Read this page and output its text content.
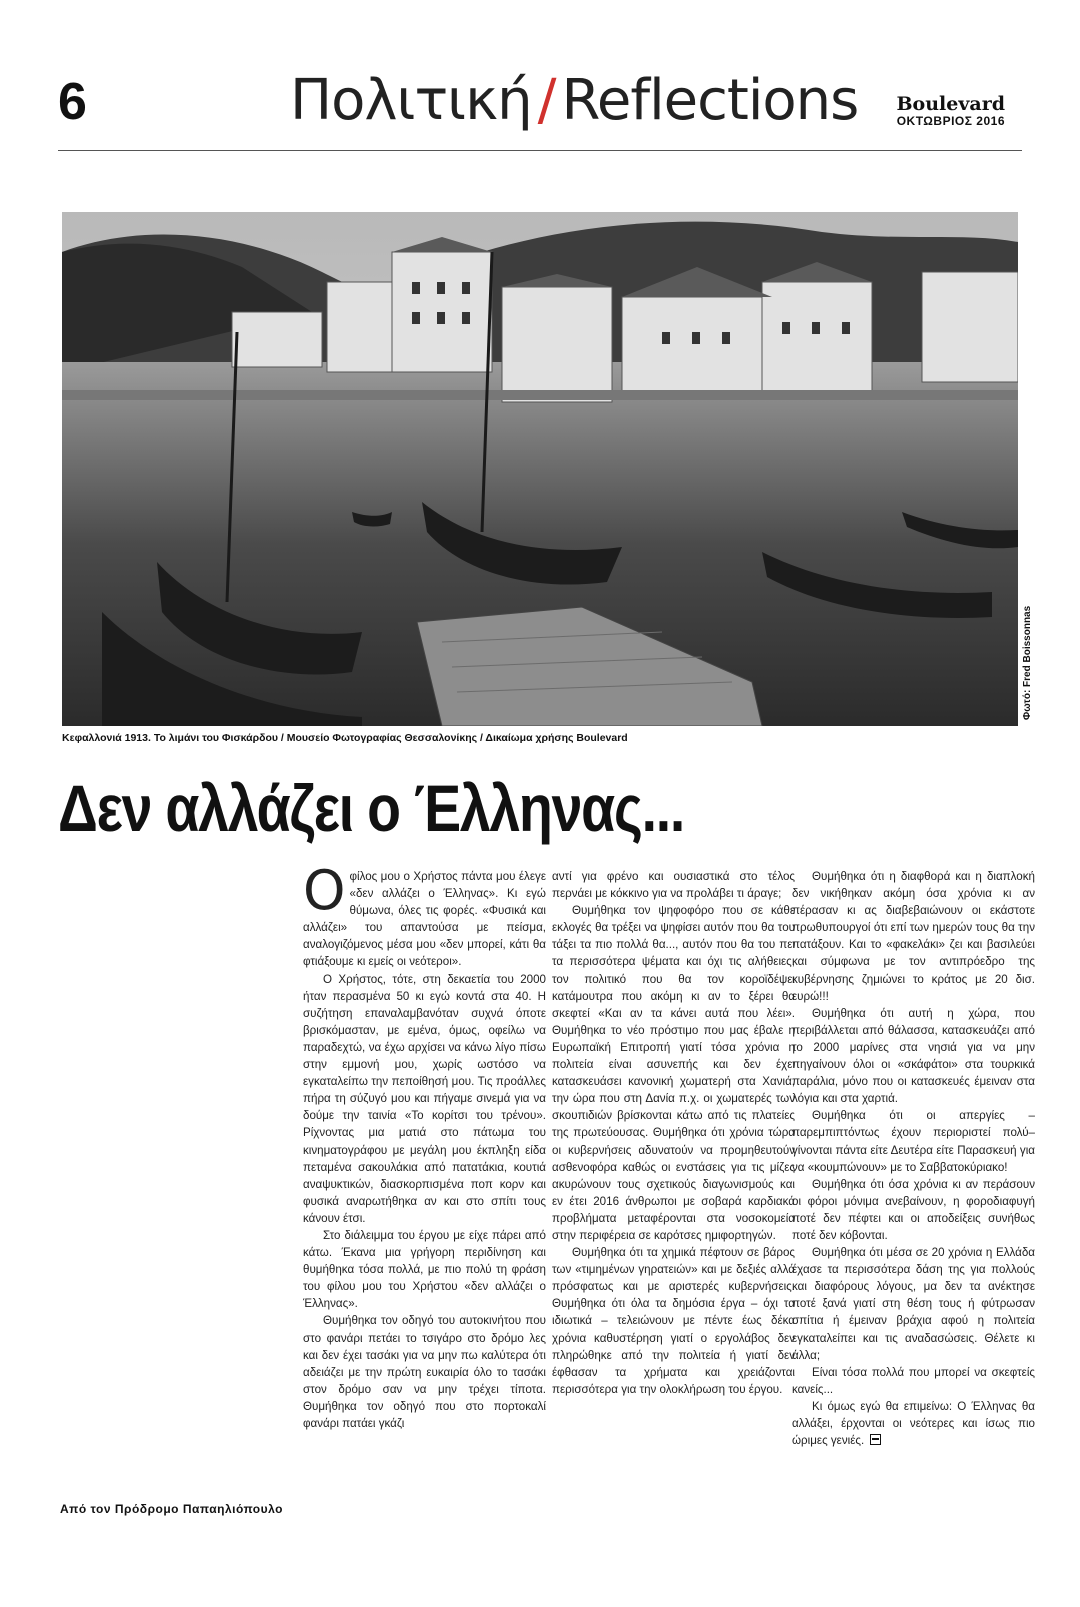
6	Πολιτική / Reflections Boulevard
ΟΚΤΩΒΡΙΟΣ 2016
Φωτό: Fred Boissonnas
Κεφαλλονιά 1913. Το λιμάνι του Φισκάρδου / Μουσείο Φωτογραφίας Θεσσαλονίκης / Δικαίωμα χρήσης Boulevard
Δεν αλλάζει ο Έλληνας...

Οφίλος μου ο Χρήστος πάντα μου έλεγε «δεν αλλάζει ο Έλληνας». Κι εγώ θύμωνα, όλες τις φορές. «Φυσικά και αλλάζει» του απαντούσα με πείσμα, αναλογιζόμενος μέσα μου «δεν μπορεί, κάτι θα φτιάξουμε κι εμείς οι νεότεροι».

Ο Χρήστος, τότε, στη δεκαετία του 2000 ήταν περασμένα 50 κι εγώ κοντά στα 40. Η συζήτηση επαναλαμβανόταν συχνά όποτε βρισκόμασταν, με εμένα, όμως, οφείλω να παραδεχτώ, να έχω αρχίσει να κάνω λίγο πίσω στην εμμονή μου, χωρίς ωστόσο να εγκαταλείπω την πεποίθησή μου. Τις προάλλες πήρα τη σύζυγό μου και πήγαμε σινεμά για να δούμε την ταινία «Το κορίτσι του τρένου». Ρίχνοντας μια ματιά στο πάτωμα του κινηματογράφου με μεγάλη μου έκπληξη είδα πεταμένα σακουλάκια από πατατάκια, κουτιά αναψυκτικών, διασκορπισμένα ποπ κορν και φυσικά αναρωτήθηκα αν και στο σπίτι τους κάνουν έτσι.

Στο διάλειμμα του έργου με είχε πάρει από κάτω. Έκανα μια γρήγορη περιδίνηση και θυμήθηκα τόσα πολλά, με πιο πολύ τη φράση του φίλου μου του Χρήστου «δεν αλλάζει ο Έλληνας».

Θυμήθηκα τον οδηγό του αυτοκινήτου που στο φανάρι πετάει το τσιγάρο στο δρόμο λες και δεν έχει τασάκι για να μην πω καλύτερα ότι αδειάζει με την πρώτη ευκαιρία όλο το τασάκι στον δρόμο σαν να μην τρέχει τίποτα. Θυμήθηκα τον οδηγό που στο πορτοκαλί φανάρι πατάει γκάζι

αντί για φρένο και ουσιαστικά στο τέλος περνάει με κόκκινο για να προλάβει τι άραγε;

Θυμήθηκα τον ψηφοφόρο που σε κάθε εκλογές θα τρέξει να ψηφίσει αυτόν που θα του τάξει τα πιο πολλά θα..., αυτόν που θα του πει τα περισσότερα ψέματα και όχι τις αλήθειες, τον πολιτικό που θα τον κοροϊδέψει κατάμουτρα που ακόμη κι αν το ξέρει θα σκεφτεί «Και αν τα κάνει αυτά που λέει». Θυμήθηκα το νέο πρόστιμο που μας έβαλε η Ευρωπαϊκή Επιτροπή γιατί τόσα χρόνια η πολιτεία είναι ασυνεπής και δεν έχει κατασκευάσει κανονική χωματερή στα Χανιά, την ώρα που στη Δανία π.χ. οι χωματερές των σκουπιδιών βρίσκονται κάτω από τις πλατείες της πρωτεύουσας. Θυμήθηκα ότι χρόνια τώρα οι κυβερνήσεις αδυνατούν να προμηθευτούν ασθενοφόρα καθώς οι ενστάσεις για τις μίζες ακυρώνουν τους σχετικούς διαγωνισμούς και εν έτει 2016 άνθρωποι με σοβαρά καρδιακά προβλήματα μεταφέρονται στα νοσοκομεία στην περιφέρεια σε καρότσες ημιφορτηγών.

Θυμήθηκα ότι τα χημικά πέφτουν σε βάρος των «τιμημένων γηρατειών» και με δεξιές αλλά πρόσφατως και με αριστερές κυβερνήσεις. Θυμήθηκα ότι όλα τα δημόσια έργα – όχι τα ιδιωτικά – τελειώνουν με πέντε έως δέκα χρόνια καθυστέρηση γιατί ο εργολάβος δεν πληρώθηκε από την πολιτεία ή γιατί δεν έφθασαν τα χρήματα και χρειάζονται περισσότερα για την ολοκλήρωση του έργου.

Θυμήθηκα ότι η διαφθορά και η διαπλοκή δεν νικήθηκαν ακόμη όσα χρόνια κι αν πέρασαν κι ας διαβεβαιώνουν οι εκάστοτε πρωθυπουργοί ότι επί των ημερών τους θα την πατάξουν. Και το «φακελάκι» ζει και βασιλεύει και σύμφωνα με τον αντιπρόεδρο της κυβέρνησης ζημιώνει το κράτος με 20 δισ. ευρώ!!!

Θυμήθηκα ότι αυτή η χώρα, που περιβάλλεται από θάλασσα, κατασκευάζει από το 2000 μαρίνες στα νησιά για να μην πηγαίνουν όλοι οι «σκάφάτοι» στα τουρκικά παράλια, μόνο που οι κατασκευές έμειναν στα λόγια και στα χαρτιά.

Θυμήθηκα ότι οι απεργίες –παρεμπιπτόντως έχουν περιοριστεί πολύ– γίνονται πάντα είτε Δευτέρα είτε Παρασκευή για να «κουμπώνουν» με το Σαββατοκύριακο!

Θυμήθηκα ότι όσα χρόνια κι αν περάσουν οι φόροι μόνιμα ανεβαίνουν, η φοροδιαφυγή ποτέ δεν πέφτει και οι αποδείξεις συνήθως ποτέ δεν κόβονται.

Θυμήθηκα ότι μέσα σε 20 χρόνια η Ελλάδα έχασε τα περισσότερα δάση της για πολλούς και διαφόρους λόγους, μα δεν τα ανέκτησε ποτέ ξανά γιατί στη θέση τους ή φύτρωσαν σπίτια ή έμειναν βράχια αφού η πολιτεία εγκαταλείπει και τις αναδασώσεις. Θέλετε κι άλλα;

Είναι τόσα πολλά που μπορεί να σκεφτείς κανείς...

Κι όμως εγώ θα επιμείνω: Ο Έλληνας θα αλλάξει, έρχονται οι νεότερες και ίσως πιο ώριμες γενιές.

Από τον Πρόδρομο Παπαηλιόπουλο
